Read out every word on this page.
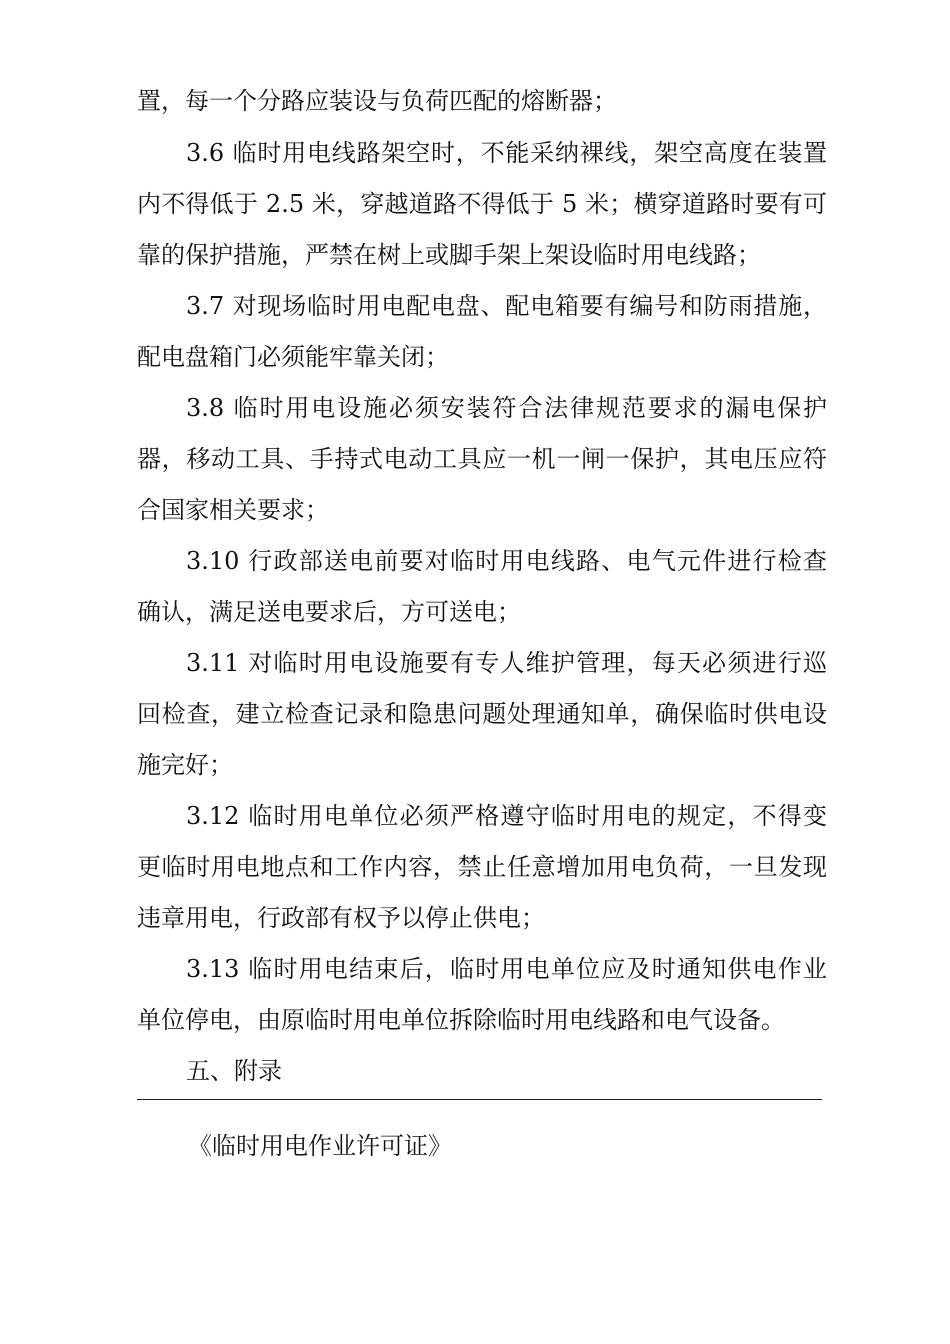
置，每一个分路应装设与负荷匹配的熔断器；
3.6 临时用电线路架空时，不能采纳裸线，架空高度在装置
内不得低于 2.5 米，穿越道路不得低于 5 米；横穿道路时要有可
靠的保护措施，严禁在树上或脚手架上架设临时用电线路；
3.7 对现场临时用电配电盘、配电箱要有编号和防雨措施，
配电盘箱门必须能牢靠关闭；
3.8 临时用电设施必须安装符合法律规范要求的漏电保护
器，移动工具、手持式电动工具应一机一闸一保护，其电压应符
合国家相关要求；
3.10 行政部送电前要对临时用电线路、电气元件进行检查
确认，满足送电要求后，方可送电；
3.11 对临时用电设施要有专人维护管理，每天必须进行巡
回检查，建立检查记录和隐患问题处理通知单，确保临时供电设
施完好；
3.12 临时用电单位必须严格遵守临时用电的规定，不得变
更临时用电地点和工作内容，禁止任意增加用电负荷，一旦发现
违章用电，行政部有权予以停止供电；
3.13 临时用电结束后，临时用电单位应及时通知供电作业
单位停电，由原临时用电单位拆除临时用电线路和电气设备。
五、附录
《临时用电作业许可证》
